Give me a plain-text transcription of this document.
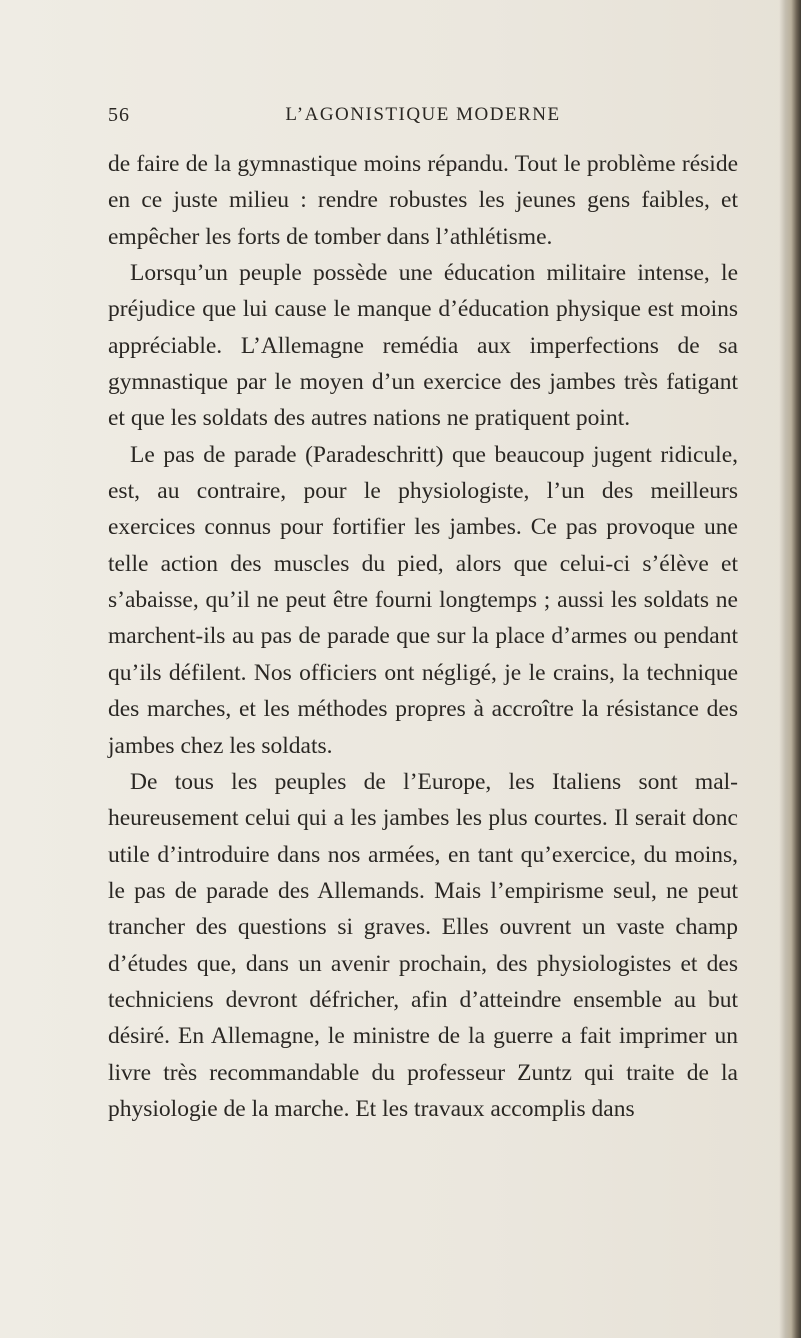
56	L’AGONISTIQUE MODERNE

de faire de la gymnastique moins répandu. Tout le problème réside en ce juste milieu : rendre robustes les jeunes gens faibles, et empêcher les forts de tomber dans l’athlétisme.

Lorsqu’un peuple possède une éducation militaire intense, le préjudice que lui cause le manque d’éducation physique est moins appréciable. L’Allemagne remédia aux imperfections de sa gymnastique par le moyen d’un exercice des jambes très fatigant et que les soldats des autres nations ne pratiquent point.

Le pas de parade (Paradeschritt) que beaucoup jugent ridicule, est, au contraire, pour le physiologiste, l’un des meilleurs exercices connus pour fortifier les jambes. Ce pas provoque une telle action des muscles du pied, alors que celui-ci s’élève et s’abaisse, qu’il ne peut être fourni longtemps ; aussi les soldats ne marchent-ils au pas de parade que sur la place d’armes ou pendant qu’ils défilent. Nos officiers ont négligé, je le crains, la technique des marches, et les méthodes propres à accroître la résistance des jambes chez les soldats.

De tous les peuples de l’Europe, les Italiens sont malheureusement celui qui a les jambes les plus courtes. Il serait donc utile d’introduire dans nos armées, en tant qu’exercice, du moins, le pas de parade des Allemands. Mais l’empirisme seul, ne peut trancher des questions si graves. Elles ouvrent un vaste champ d’études que, dans un avenir prochain, des physiologistes et des techniciens devront défricher, afin d’atteindre ensemble au but désiré. En Allemagne, le ministre de la guerre a fait imprimer un livre très recommandable du professeur Zuntz qui traite de la physiologie de la marche. Et les travaux accomplis dans
